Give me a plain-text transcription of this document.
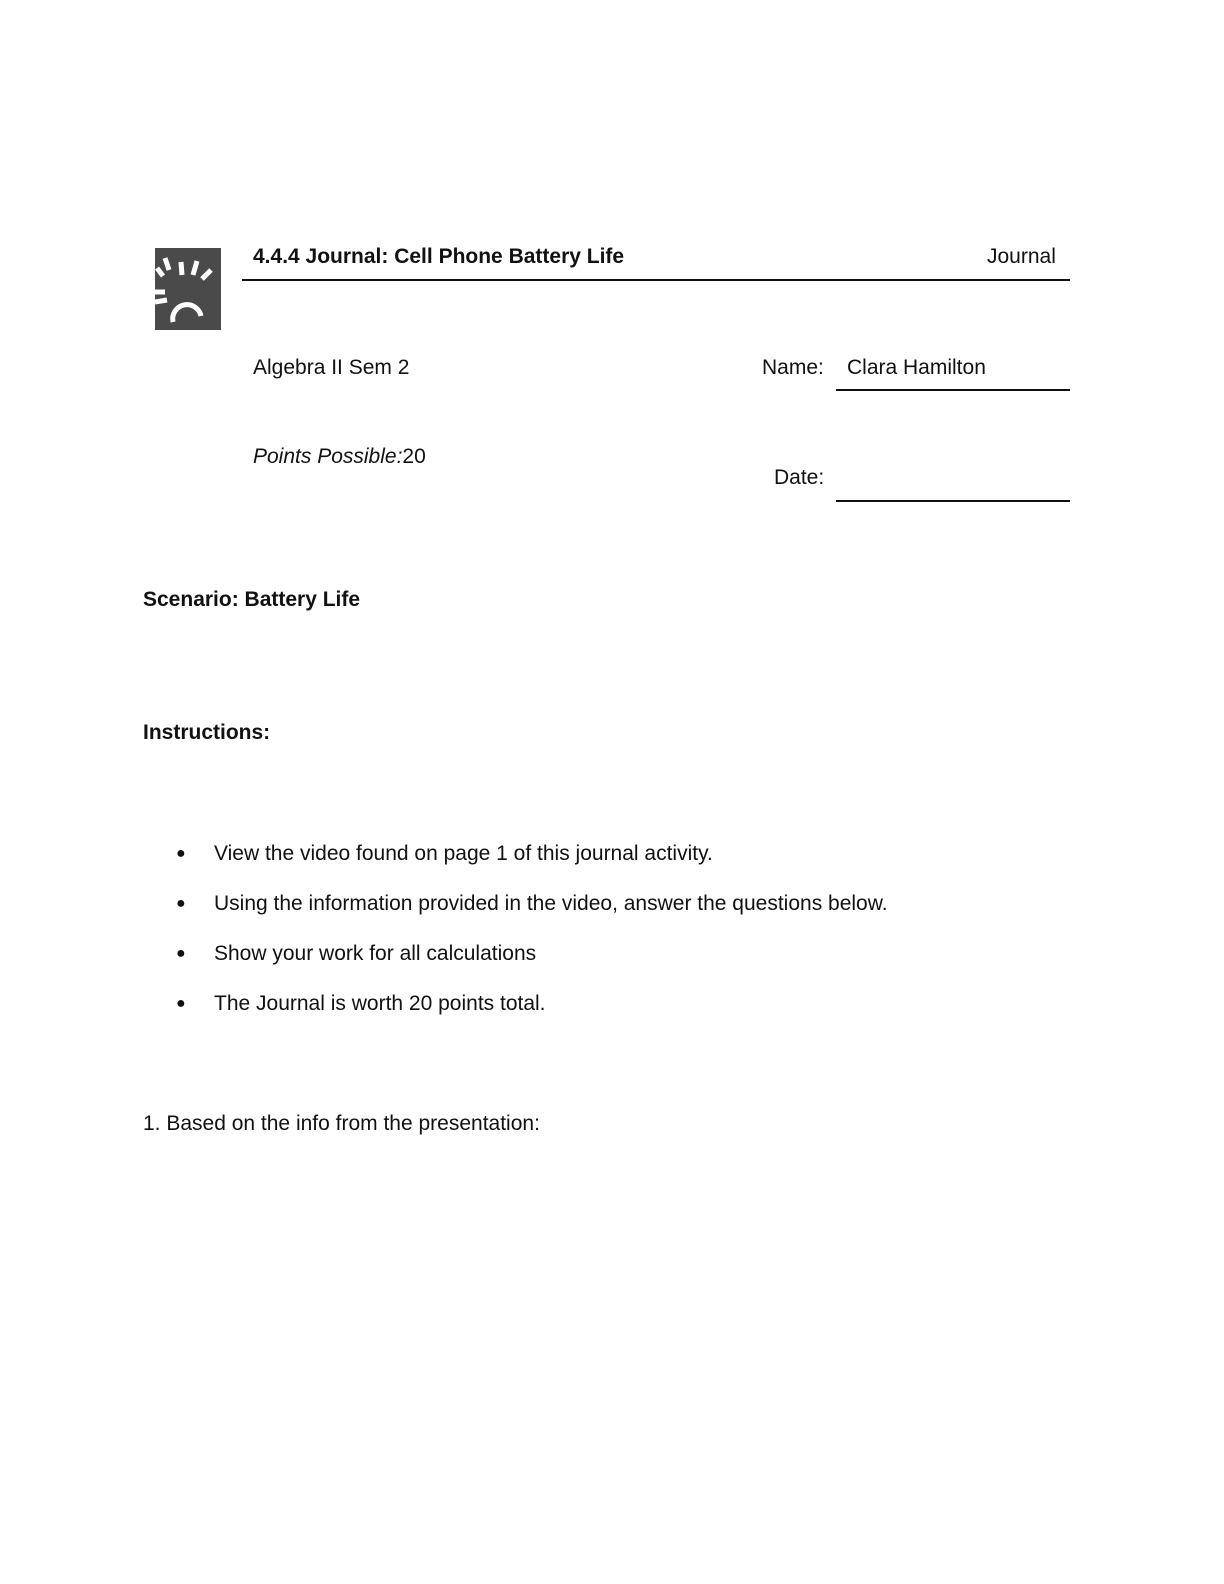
4.4.4 Journal: Cell Phone Battery Life	Journal
Algebra II Sem 2	Name: Clara Hamilton
Points Possible:20
Date:
Scenario: Battery Life
Instructions:
●	View the video found on page 1 of this journal activity.
●	Using the information provided in the video, answer the questions below.
●	Show your work for all calculations
●	The Journal is worth 20 points total.
1. Based on the info from the presentation:
